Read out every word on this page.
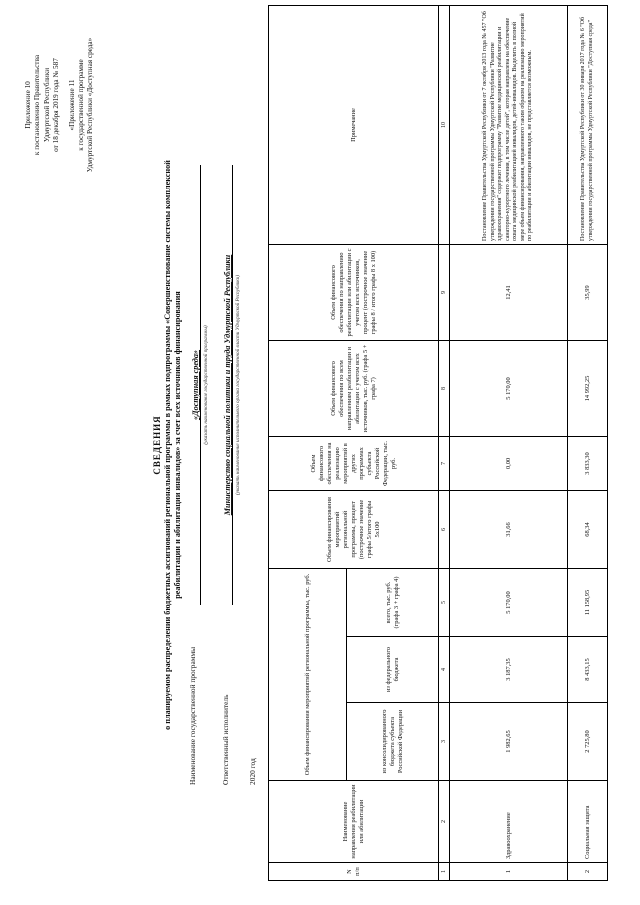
Приложение 10 к постановлению Правительства Удмуртской Республики от 18 декабря 2019 года № 587 «Приложение 11 к государственной программе Удмуртской Республики «Доступная среда»

СВЕДЕНИЯ о планируемом распределении бюджетных ассигнований региональной программы в рамках подпрограммы «Совершенствование системы комплексной реабилитации и абилитации инвалидов» за счет всех источников финансирования
Наименование государственной программы
«Доступная среда» (указать наименование государственной программы)
Ответственный исполнитель
Министерство социальной политики и труда Удмуртской Республики (указать наименование исполнительного органа государственной власти Удмуртской Республики)
2020 год
N п/п	Наименование направления реабилитации или абилитации	Объем финансирования мероприятий региональной программы, тыс. руб.			Объем финансирования мероприятий региональной программы, процент (построчное значение графы 5/итого графы 5х100	Объем финансового обеспечения на реализацию мероприятий в других программах субъекта Российской Федерации, тыс. руб.	Объем финансового обеспечения по всем направлениям реабилитации и абилитации с учетом всех источников, тыс. руб. (графа 5 + графа 7)	Объем финансового обеспечения по направлению реабилитации или абилитации с учетом всех источников, процент (построчное значение графы 8 / итого графы 8 х 100)	Примечание
		из консолидированного бюджета субъекта Российской Федерации	из федерального бюджета	всего, тыс. руб. (графа 3 + графа 4)					
1	2	3	4	5	6	7	8	9	10
1	Здравоохранение	1 982,65	3 187,35	5 170,00	31,66	0,00	5 170,00	12,41	Постановление Правительства Удмуртской Республики от 7 октября 2013 года № 457 "Об утверждении государственной программы Удмуртской Республики "Развитие здравоохранения" содержит подпрограмму "Развитие медицинской реабилитации и санаторно-курортного лечения, в том числе детей", которая направлена на обеспечение охвата медицинской реабилитацией инвалидов, детей-инвалидов. Выделить в полной мере объем финансирования, направленного таким образом на реализацию мероприятий по реабилитации и абилитации инвалидов, не представляется возможным.
2	Социальная защита	2 725,80	8 433,15	11 158,95	68,34	3 833,30	14 992,25	35,99	Постановление Правительства Удмуртской Республики от 30 января 2017 года № 6 "Об утверждении государственной программы Удмуртской Республики "Доступная среда"
